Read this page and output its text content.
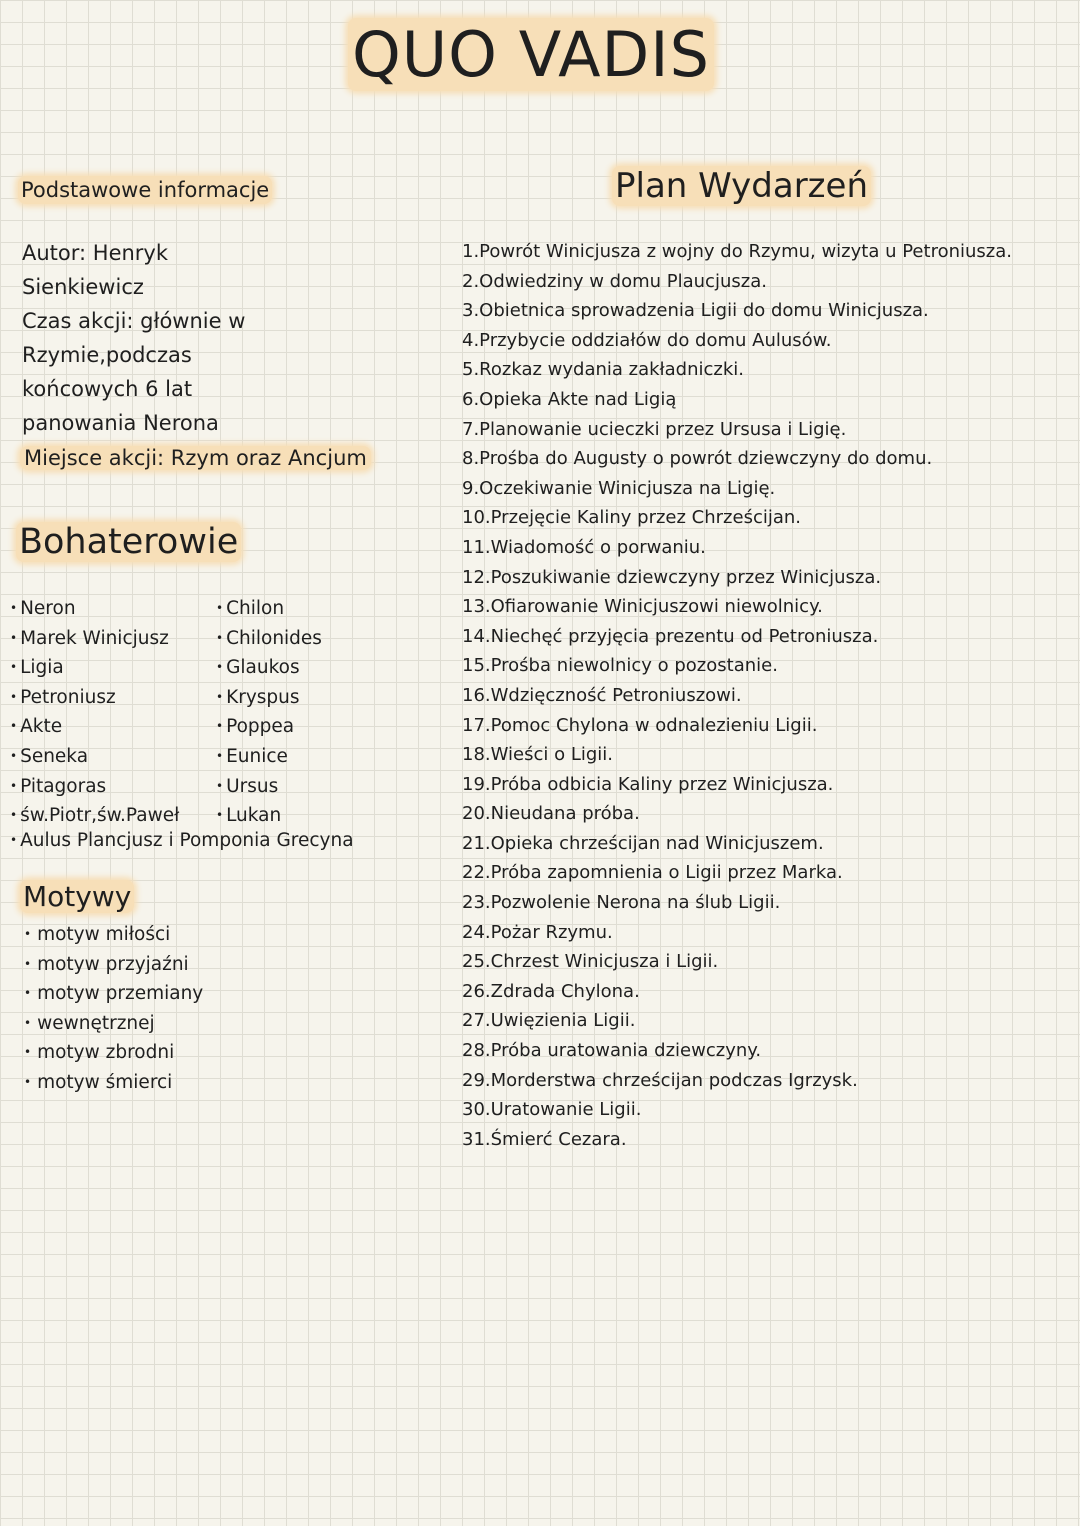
QUO VADIS
Podstawowe informacje
Autor: Henryk
Sienkiewicz
Czas akcji: głównie w
Rzymie,podczas
końcowych 6 lat
panowania Nerona
Miejsce akcji: Rzym oraz Ancjum
Bohaterowie
• Neron
• Marek Winicjusz
• Ligia
• Petroniusz
• Akte
• Seneka
• Pitagoras
• św.Piotr,św.Paweł
• Chilon
• Chilonides
• Glaukos
• Kryspus
• Poppea
• Eunice
• Ursus
• Lukan
• Aulus Plancjusz i Pomponia Grecyna
Motywy
• motyw miłości
• motyw przyjaźni
• motyw przemiany
• wewnętrznej
• motyw zbrodni
• motyw śmierci
Plan Wydarzeń
1.Powrót Winicjusza z wojny do Rzymu, wizyta u Petroniusza.
2.Odwiedziny w domu Plaucjusza.
3.Obietnica sprowadzenia Ligii do domu Winicjusza.
4.Przybycie oddziałów do domu Aulusów.
5.Rozkaz wydania zakładniczki.
6.Opieka Akte nad Ligią
7.Planowanie ucieczki przez Ursusa i Ligię.
8.Prośba do Augusty o powrót dziewczyny do domu.
9.Oczekiwanie Winicjusza na Ligię.
10.Przejęcie Kaliny przez Chrześcijan.
11.Wiadomość o porwaniu.
12.Poszukiwanie dziewczyny przez Winicjusza.
13.Ofiarowanie Winicjuszowi niewolnicy.
14.Niechęć przyjęcia prezentu od Petroniusza.
15.Prośba niewolnicy o pozostanie.
16.Wdzięczność Petroniuszowi.
17.Pomoc Chylona w odnalezieniu Ligii.
18.Wieści o Ligii.
19.Próba odbicia Kaliny przez Winicjusza.
20.Nieudana próba.
21.Opieka chrześcijan nad Winicjuszem.
22.Próba zapomnienia o Ligii przez Marka.
23.Pozwolenie Nerona na ślub Ligii.
24.Pożar Rzymu.
25.Chrzest Winicjusza i Ligii.
26.Zdrada Chylona.
27.Uwięzienia Ligii.
28.Próba uratowania dziewczyny.
29.Morderstwa chrześcijan podczas Igrzysk.
30.Uratowanie Ligii.
31.Śmierć Cezara.
